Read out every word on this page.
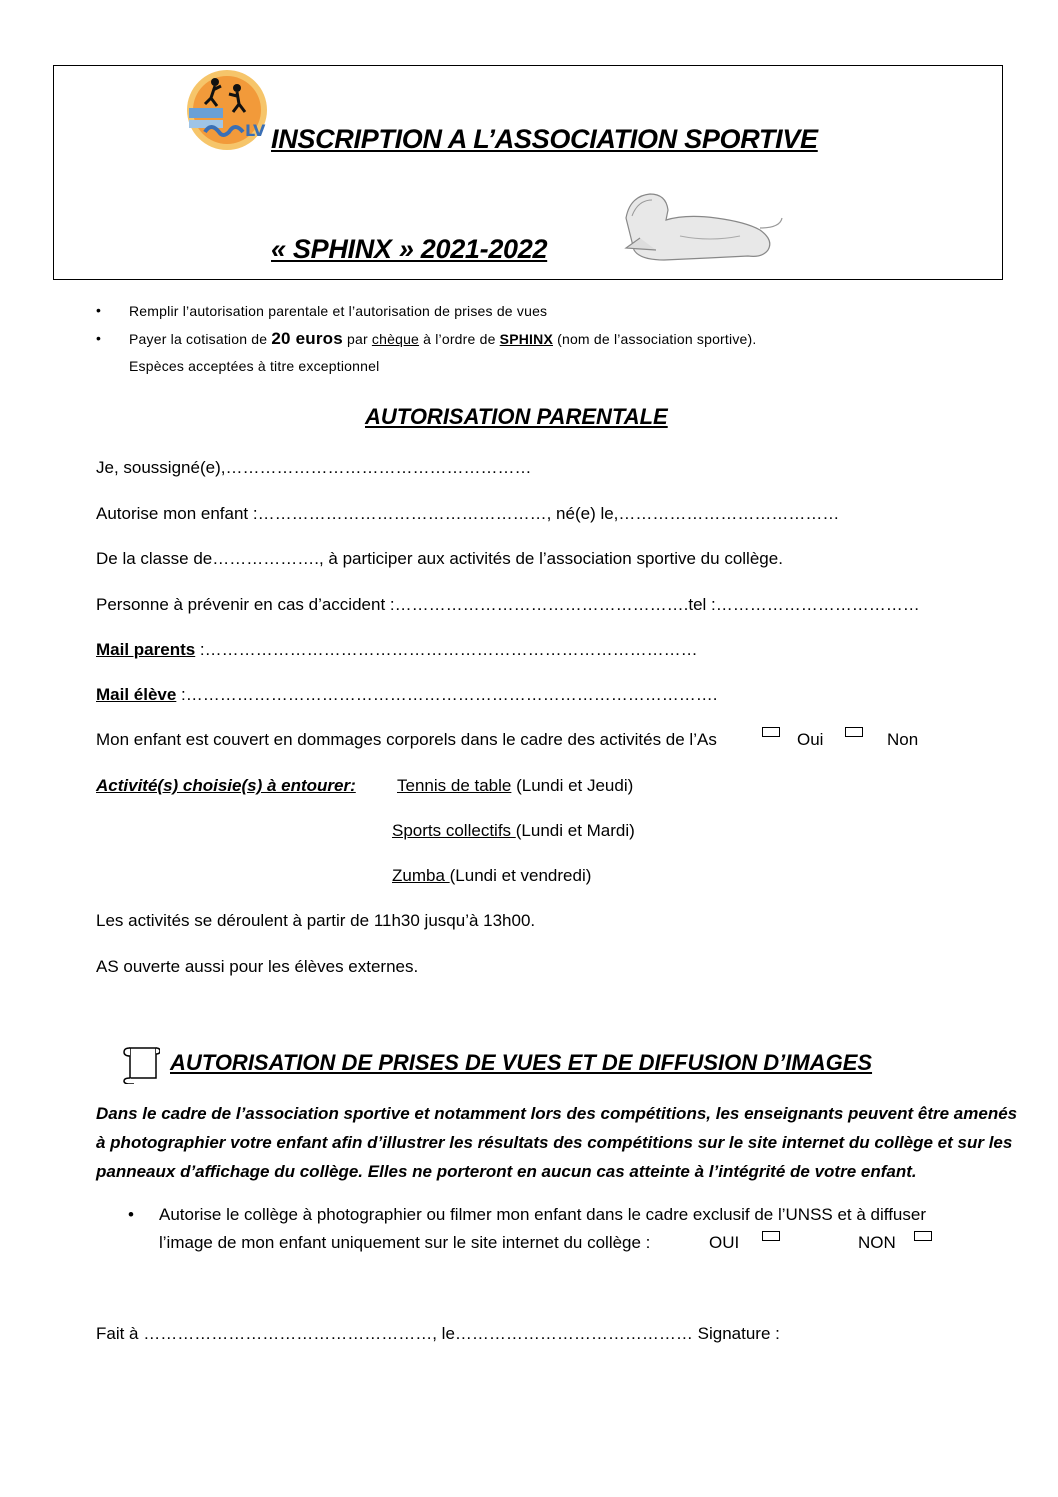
LV INSCRIPTION A L’ASSOCIATION SPORTIVE
« SPHINX » 2021-2022
• Remplir l’autorisation parentale et l’autorisation de prises de vues
• Payer la cotisation de 20 euros par chèque à l’ordre de SPHINX (nom de l’association sportive).
Espèces acceptées à titre exceptionnel
AUTORISATION PARENTALE
Je, soussigné(e),………………………………………………
Autorise mon enfant :……………………………………………, né(e) le,…………………………………
De la classe de………………., à participer aux activités de l’association sportive du collège.
Personne à prévenir en cas d’accident :…………………………………………….tel :………………………………
Mail parents :……………………………………………………………………………
Mail élève :………………………………………………………………………………….
Mon enfant est couvert en dommages corporels dans le cadre des activités de l’As	Oui	Non
Activité(s) choisie(s) à entourer: Tennis de table (Lundi et Jeudi)
Sports collectifs (Lundi et Mardi)
Zumba (Lundi et vendredi)
Les activités se déroulent à partir de 11h30 jusqu’à 13h00.
AS ouverte aussi pour les élèves externes.
AUTORISATION DE PRISES DE VUES ET DE DIFFUSION D’IMAGES
Dans le cadre de l’association sportive et notamment lors des compétitions, les enseignants peuvent être amenés
à photographier votre enfant afin d’illustrer les résultats des compétitions sur le site internet du collège et sur les
panneaux d’affichage du collège. Elles ne porteront en aucun cas atteinte à l’intégrité de votre enfant.
• Autorise le collège à photographier ou filmer mon enfant dans le cadre exclusif de l’UNSS et à diffuser
l’image de mon enfant uniquement sur le site internet du collège :	OUI	NON
Fait à ……………………………………………, le…………………………………… Signature :
